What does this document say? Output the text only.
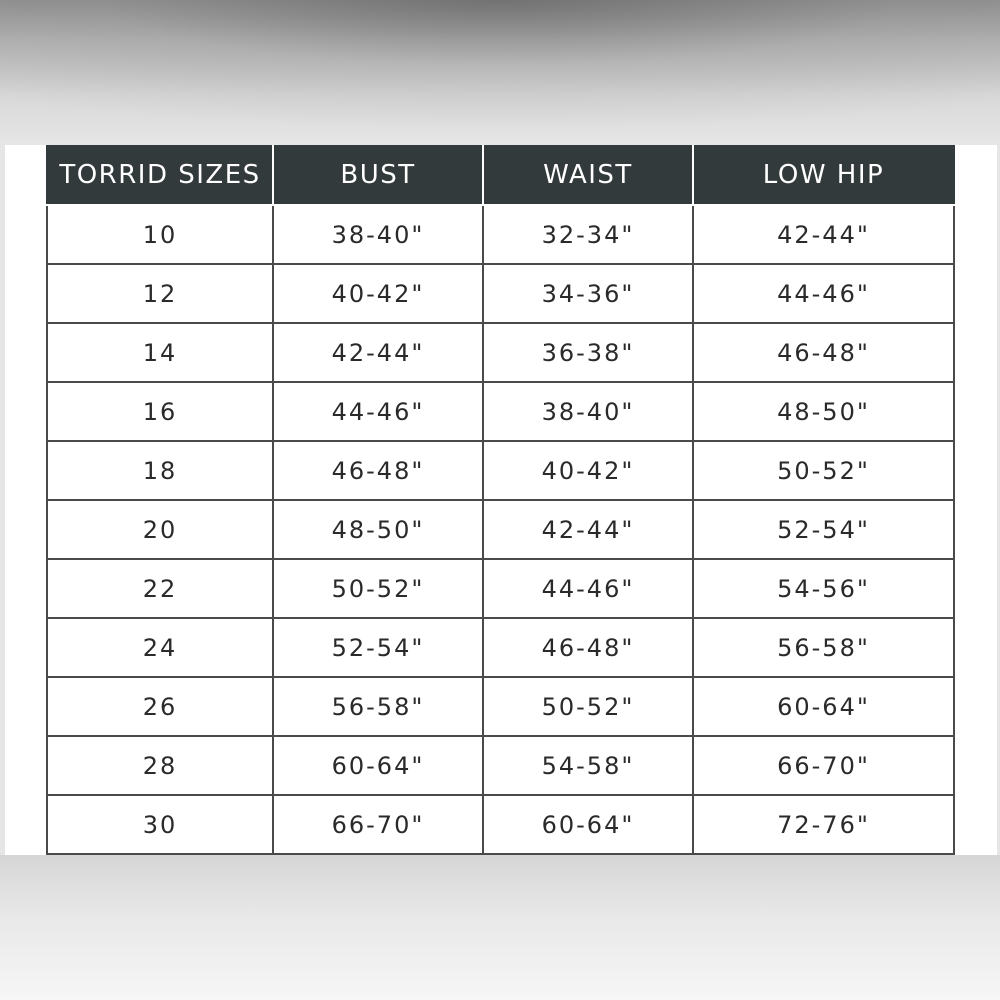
TORRID SIZES	BUST	WAIST	LOW HIP
10	38-40"	32-34"	42-44"
12	40-42"	34-36"	44-46"
14	42-44"	36-38"	46-48"
16	44-46"	38-40"	48-50"
18	46-48"	40-42"	50-52"
20	48-50"	42-44"	52-54"
22	50-52"	44-46"	54-56"
24	52-54"	46-48"	56-58"
26	56-58"	50-52"	60-64"
28	60-64"	54-58"	66-70"
30	66-70"	60-64"	72-76"
